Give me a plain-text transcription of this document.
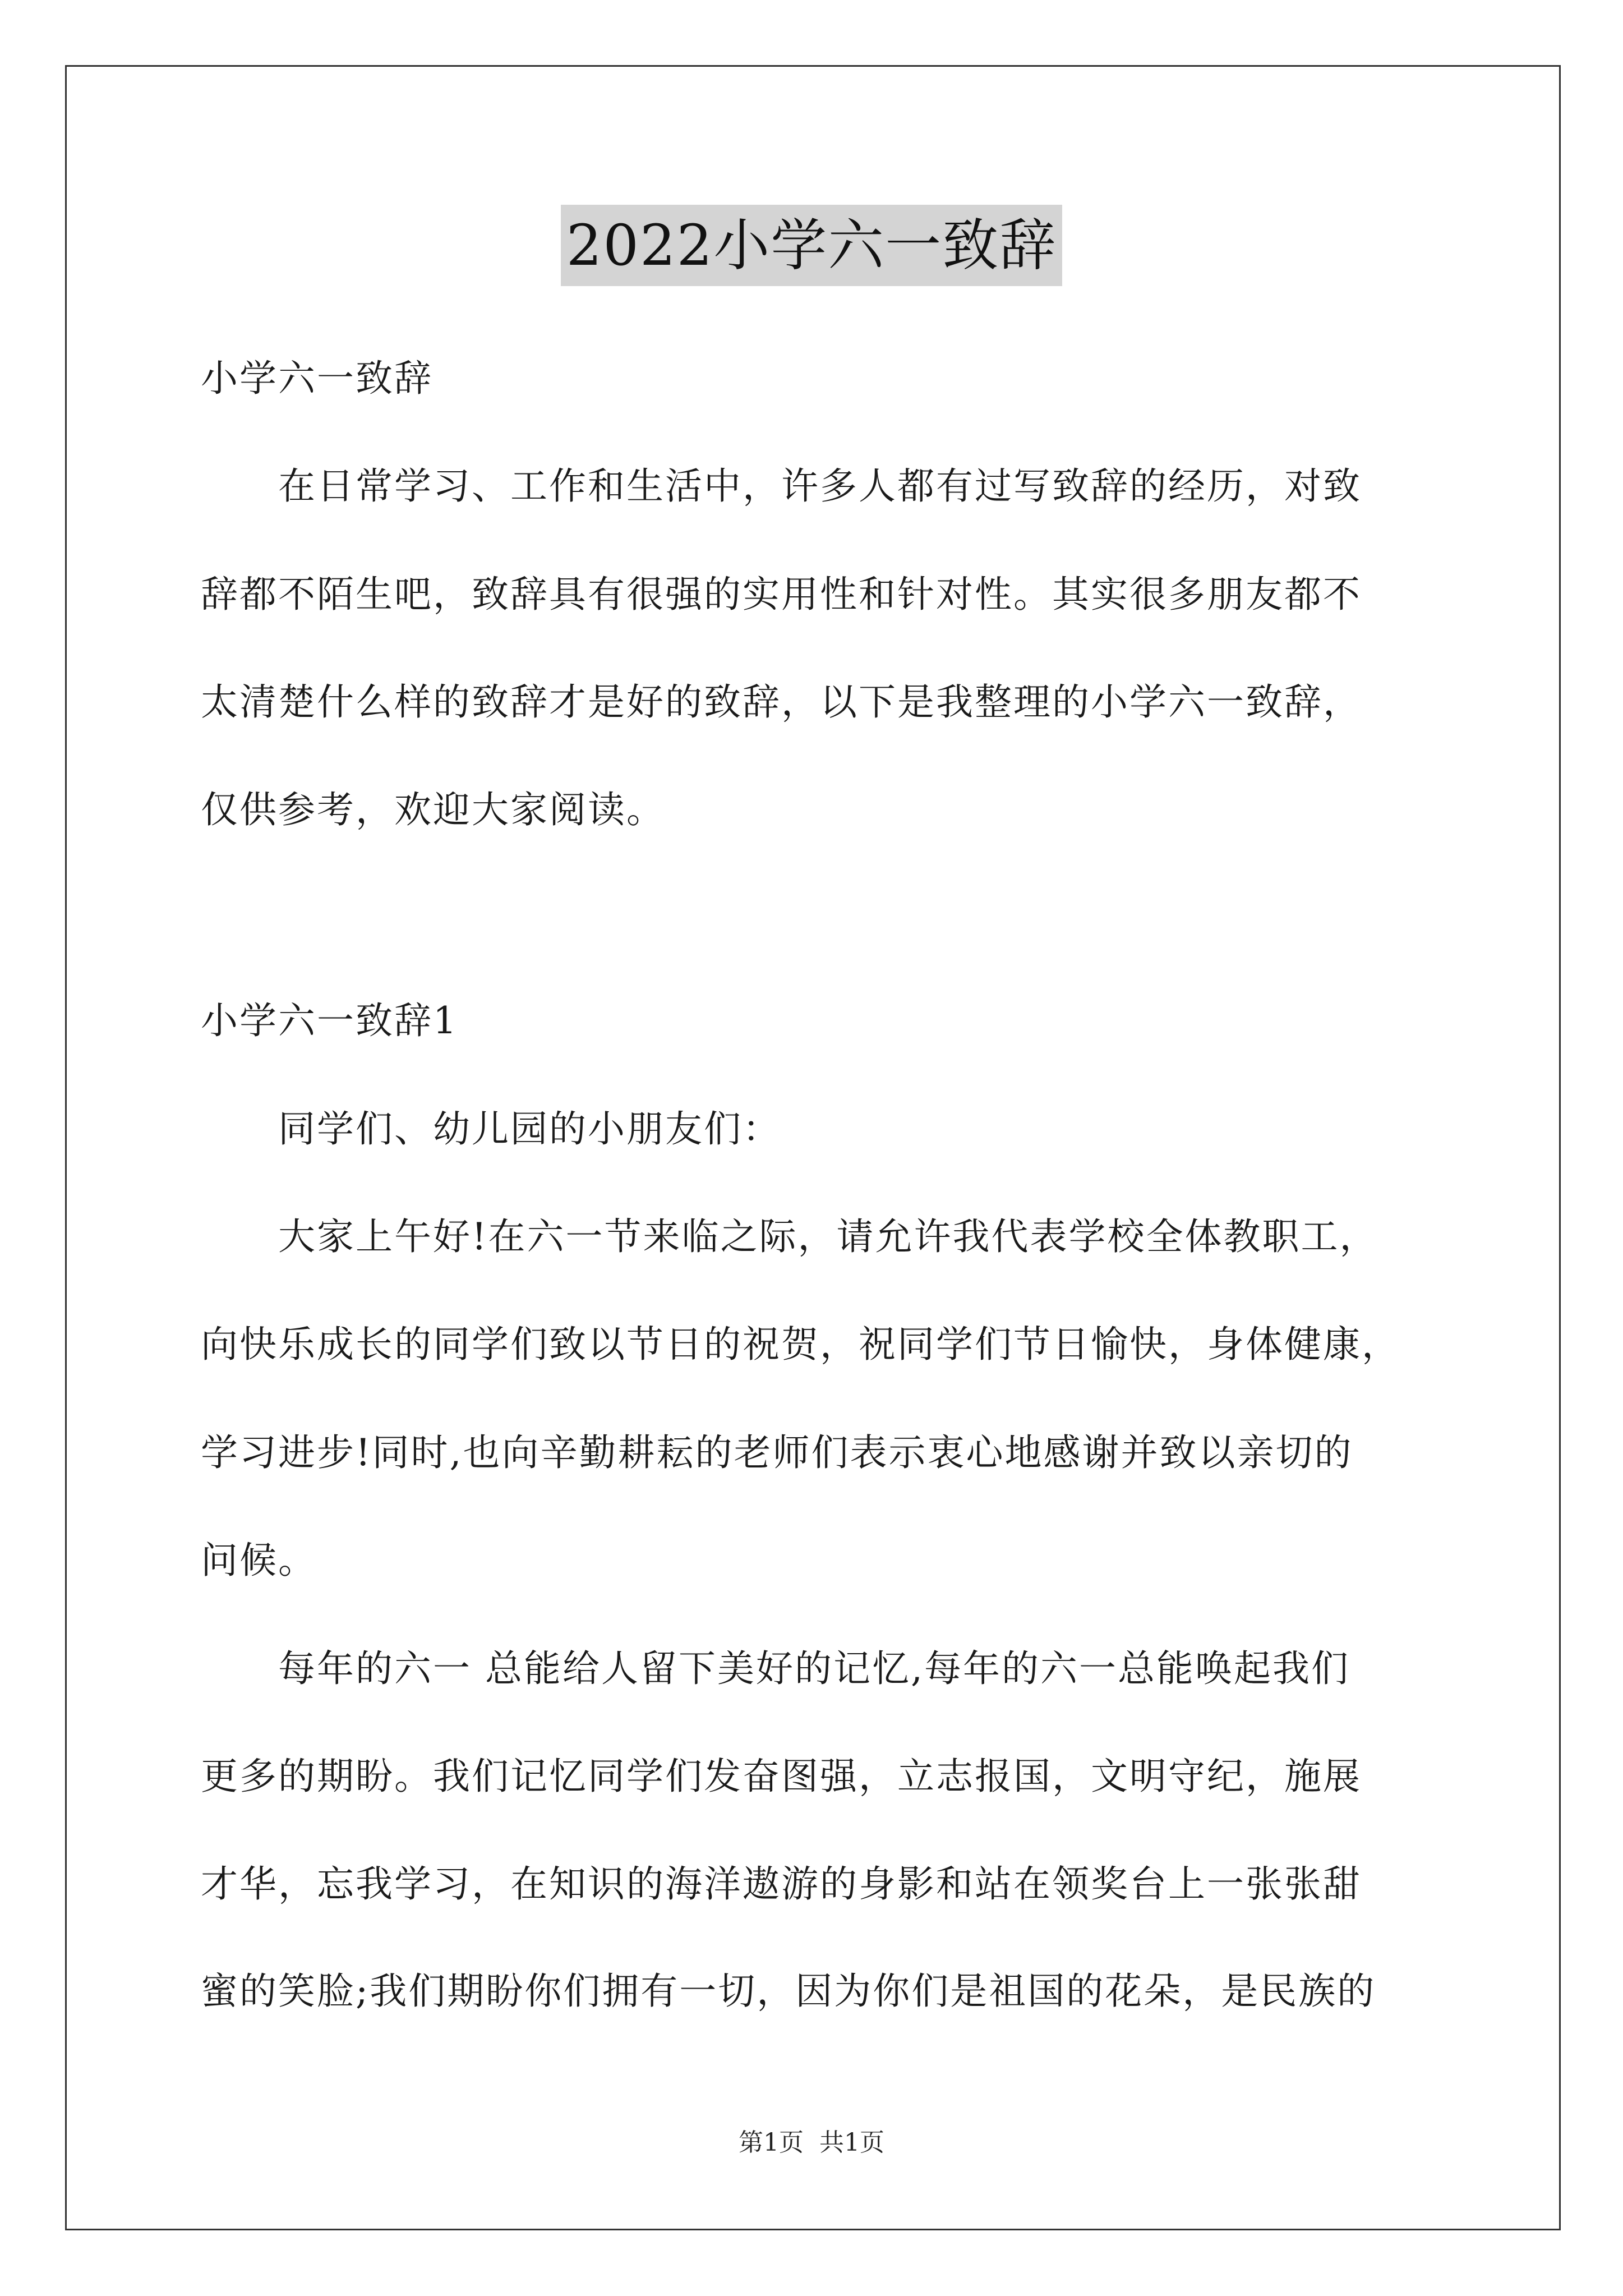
2022小学六一致辞
小学六一致辞
　　在日常学习、工作和生活中，许多人都有过写致辞的经历，对致
辞都不陌生吧，致辞具有很强的实用性和针对性。其实很多朋友都不
太清楚什么样的致辞才是好的致辞，以下是我整理的小学六一致辞，
仅供参考，欢迎大家阅读。
小学六一致辞1
　　同学们、幼儿园的小朋友们：
　　大家上午好!在六一节来临之际，请允许我代表学校全体教职工，
向快乐成长的同学们致以节日的祝贺，祝同学们节日愉快，身体健康，
学习进步!同时,也向辛勤耕耘的老师们表示衷心地感谢并致以亲切的
问候。
　　每年的六一 总能给人留下美好的记忆,每年的六一总能唤起我们
更多的期盼。我们记忆同学们发奋图强，立志报国，文明守纪，施展
才华，忘我学习，在知识的海洋遨游的身影和站在领奖台上一张张甜
蜜的笑脸;我们期盼你们拥有一切，因为你们是祖国的花朵，是民族的
第1页 共1页
